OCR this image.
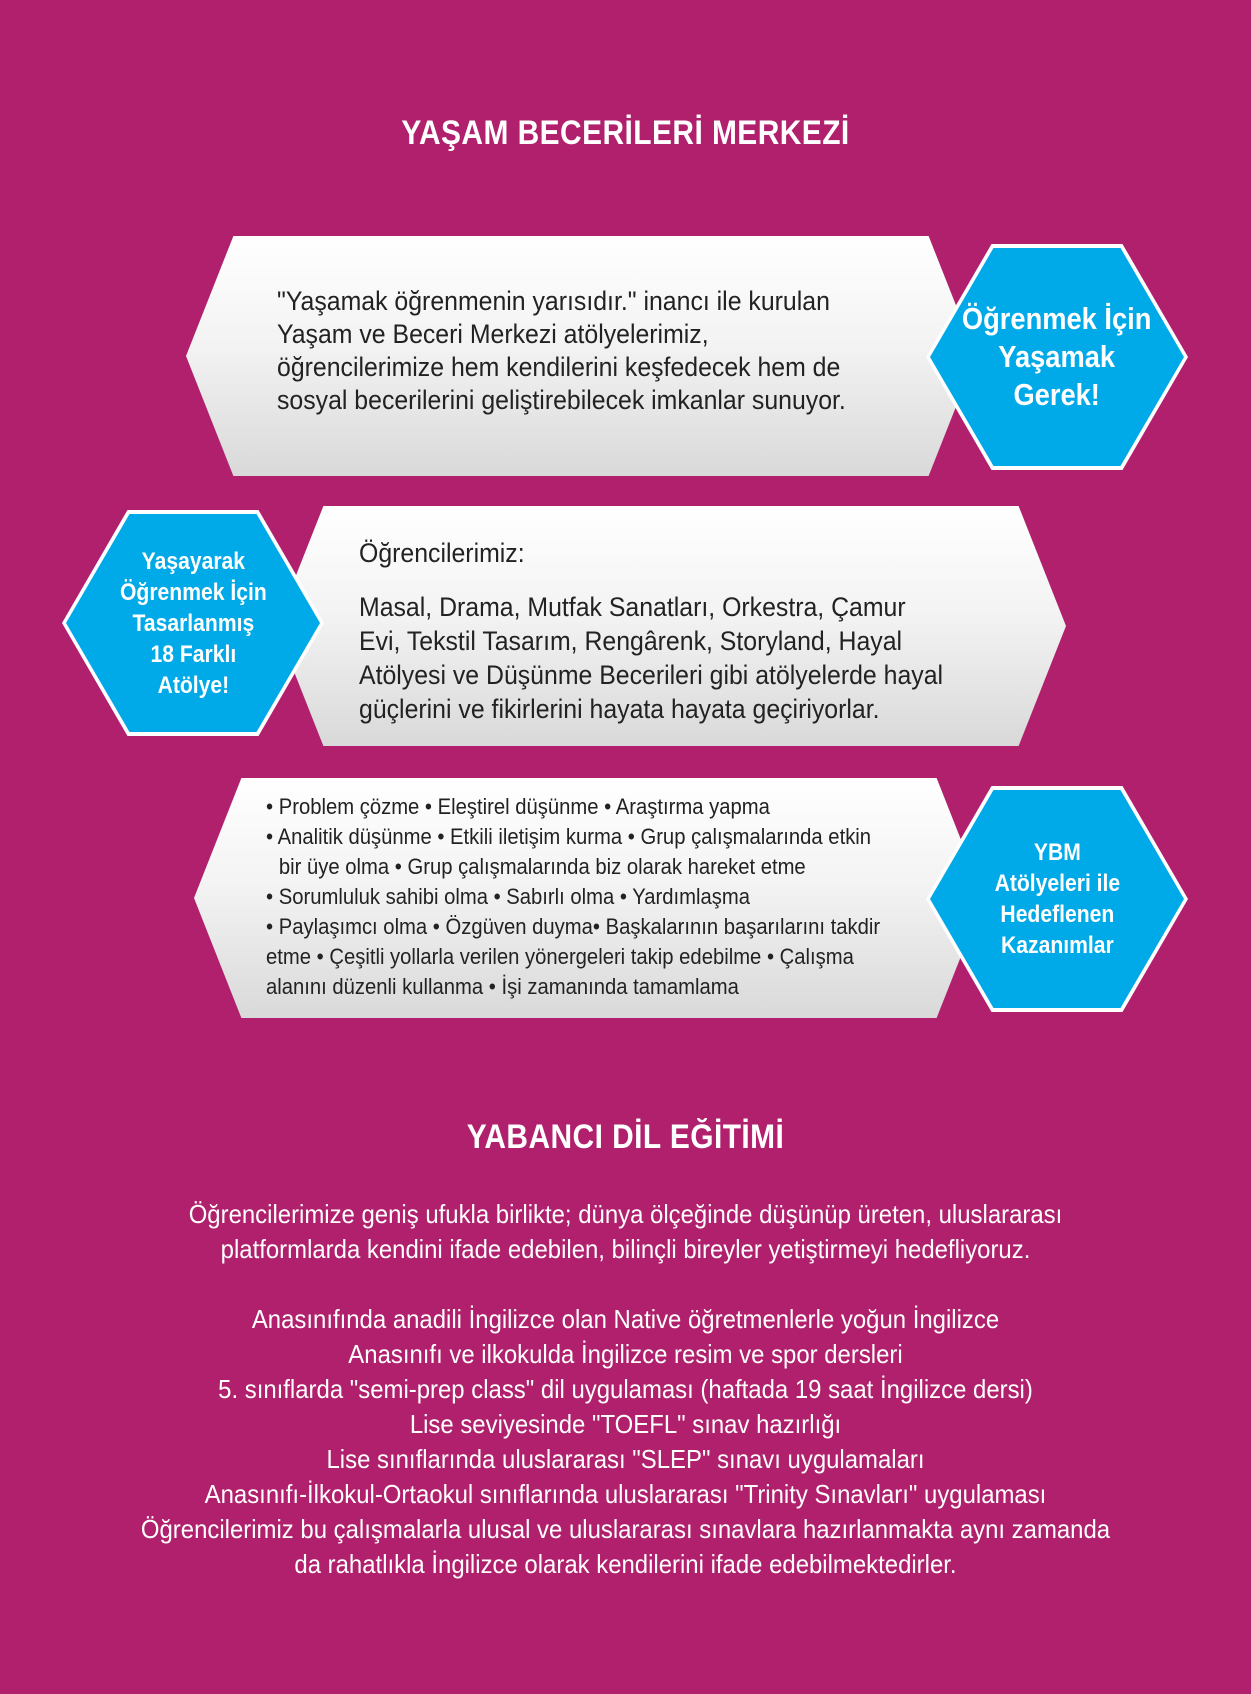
YAŞAM BECERİLERİ MERKEZİ
"Yaşamak öğrenmenin yarısıdır." inancı ile kurulan Yaşam ve Beceri Merkezi atölyelerimiz, öğrencilerimize hem kendilerini keşfedecek hem de sosyal becerilerini geliştirebilecek imkanlar sunuyor.
Öğrenmek İçin
Yaşamak
Gerek!
Öğrencilerimiz:
Masal, Drama, Mutfak Sanatları, Orkestra, Çamur Evi, Tekstil Tasarım, Rengârenk, Storyland, Hayal Atölyesi ve Düşünme Becerileri gibi atölyelerde hayal güçlerini ve fikirlerini hayata hayata geçiriyorlar.
Yaşayarak
Öğrenmek İçin
Tasarlanmış
18 Farklı
Atölye!
• Problem çözme • Eleştirel düşünme • Araştırma yapma
• Analitik düşünme • Etkili iletişim kurma • Grup çalışmalarında etkin
bir üye olma • Grup çalışmalarında biz olarak hareket etme
• Sorumluluk sahibi olma • Sabırlı olma • Yardımlaşma
• Paylaşımcı olma • Özgüven duyma• Başkalarının başarılarını takdir
etme • Çeşitli yollarla verilen yönergeleri takip edebilme • Çalışma
alanını düzenli kullanma • İşi zamanında tamamlama
YBM
Atölyeleri ile
Hedeflenen
Kazanımlar
YABANCI DİL EĞİTİMİ
Öğrencilerimize geniş ufukla birlikte; dünya ölçeğinde düşünüp üreten, uluslararası
platformlarda kendini ifade edebilen, bilinçli bireyler yetiştirmeyi hedefliyoruz.
Anasınıfında anadili İngilizce olan Native öğretmenlerle yoğun İngilizce
Anasınıfı ve ilkokulda İngilizce resim ve spor dersleri
5. sınıflarda "semi-prep class" dil uygulaması (haftada 19 saat İngilizce dersi)
Lise seviyesinde "TOEFL" sınav hazırlığı
Lise sınıflarında uluslararası "SLEP" sınavı uygulamaları
Anasınıfı-İlkokul-Ortaokul sınıflarında uluslararası "Trinity Sınavları" uygulaması
Öğrencilerimiz bu çalışmalarla ulusal ve uluslararası sınavlara hazırlanmakta aynı zamanda
da rahatlıkla İngilizce olarak kendilerini ifade edebilmektedirler.
